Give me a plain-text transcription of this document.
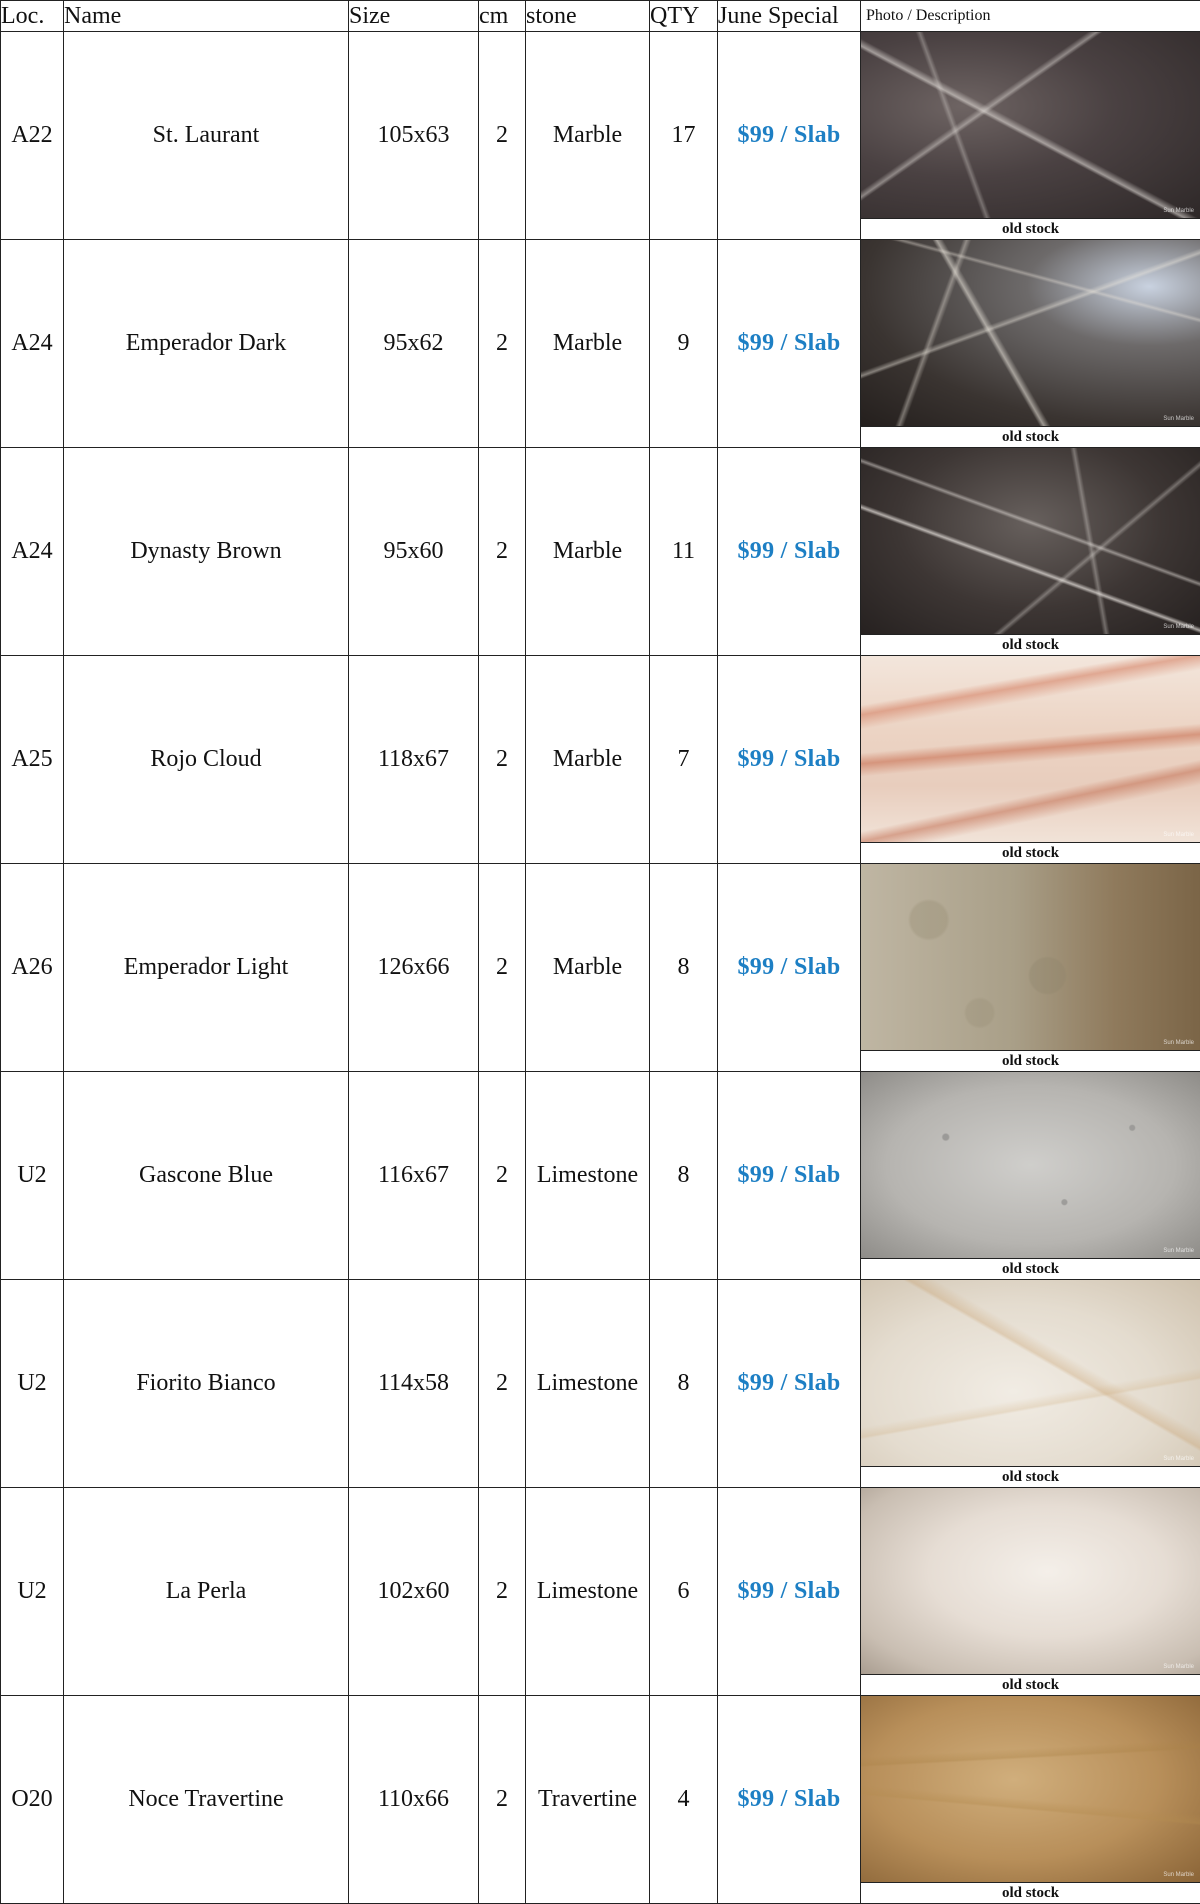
Loc.	Name	Size	cm	stone	QTY	June Special	Photo / Description
A22	St. Laurant	105x63	2	Marble	17	$99 / Slab	Sun Marble
old stock

A24	Emperador Dark	95x62	2	Marble	9	$99 / Slab	Sun Marble
old stock

A24	Dynasty Brown	95x60	2	Marble	11	$99 / Slab	Sun Marble
old stock

A25	Rojo Cloud	118x67	2	Marble	7	$99 / Slab	Sun Marble
old stock

A26	Emperador Light	126x66	2	Marble	8	$99 / Slab	Sun Marble
old stock

U2	Gascone Blue	116x67	2	Limestone	8	$99 / Slab	Sun Marble
old stock

U2	Fiorito Bianco	114x58	2	Limestone	8	$99 / Slab	Sun Marble
old stock

U2	La Perla	102x60	2	Limestone	6	$99 / Slab	Sun Marble
old stock

O20	Noce Travertine	110x66	2	Travertine	4	$99 / Slab	Sun Marble
old stock
